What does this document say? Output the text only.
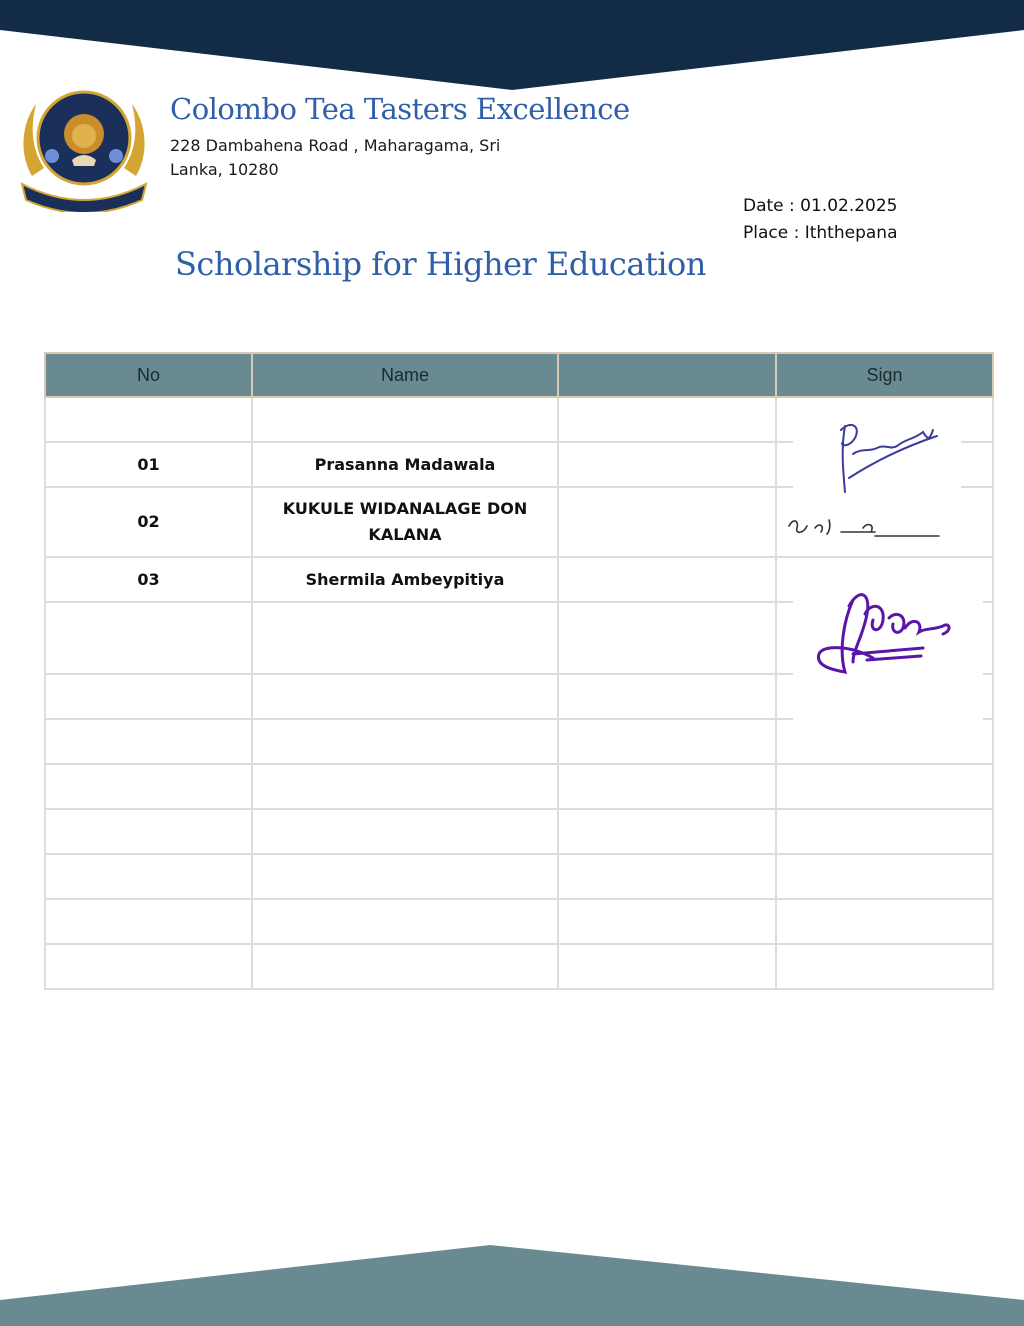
Colombo Tea Tasters Excellence
228 Dambahena Road , Maharagama, Sri
Lanka, 10280
Date : 01.02.2025
Place : Iththepana
Scholarship for Higher Education
No	Name		Sign

01	Prasanna Madawala		
02	KUKULE WIDANALAGE DON KALANA		
03	Shermila Ambeypitiya		
